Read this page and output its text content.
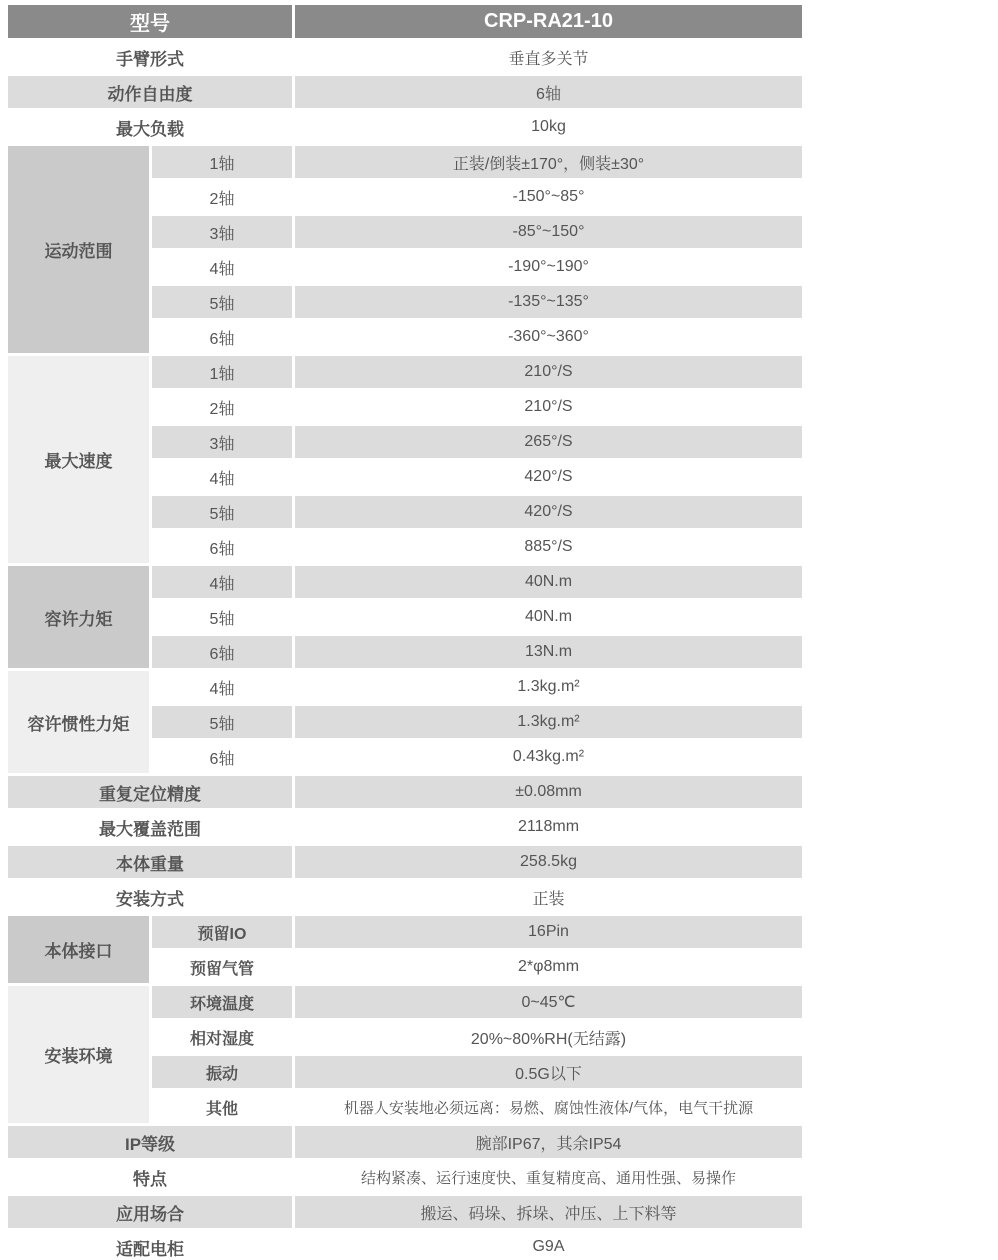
型号		CRP-RA21-10
手臂形式		垂直多关节
动作自由度		6轴
最大负载		10kg
运动范围	1轴	正装/倒装±170°，侧装±30°
	2轴	-150°~85°
	3轴	-85°~150°
	4轴	-190°~190°
	5轴	-135°~135°
	6轴	-360°~360°
最大速度	1轴	210°/S
	2轴	210°/S
	3轴	265°/S
	4轴	420°/S
	5轴	420°/S
	6轴	885°/S
容许力矩	4轴	40N.m
	5轴	40N.m
	6轴	13N.m
容许惯性力矩	4轴	1.3kg.m²
	5轴	1.3kg.m²
	6轴	0.43kg.m²
重复定位精度		±0.08mm
最大覆盖范围		2118mm
本体重量		258.5kg
安装方式		正装
本体接口	预留IO	16Pin
	预留气管	2*φ8mm
安装环境	环境温度	0~45℃
	相对湿度	20%~80%RH(无结露)
	振动	0.5G以下
	其他	机器人安装地必须远离：易燃、腐蚀性液体/气体，电气干扰源
IP等级		腕部IP67，其余IP54
特点		结构紧凑、运行速度快、重复精度高、通用性强、易操作
应用场合		搬运、码垛、拆垛、冲压、上下料等
适配电柜		G9A
